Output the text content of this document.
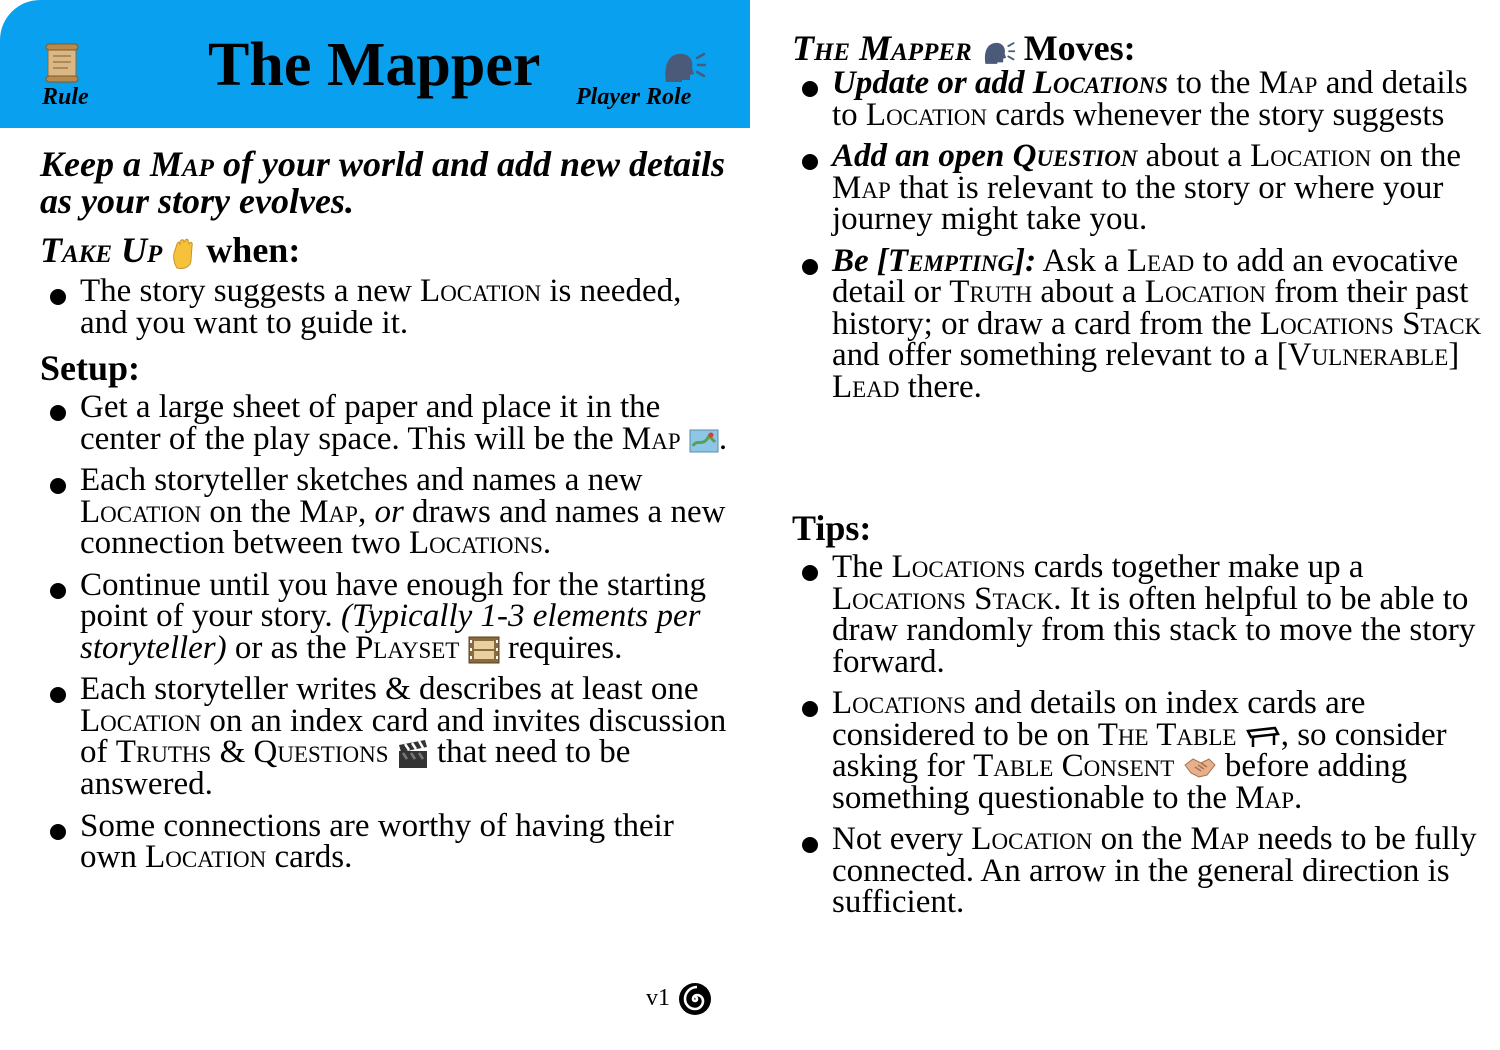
Rule The Mapper Player Role
Keep a Map of your world and add new details as your story evolves.
Take Up  when:
The story suggests a new Location is needed, and you want to guide it.
Setup:
Get a large sheet of paper and place it in the center of the play space. This will be the Map .
Each storyteller sketches and names a new Location on the Map, or draws and names a new connection between two Locations.
Continue until you have enough for the starting point of your story. (Typically 1-3 elements per storyteller) or as the Playset  requires.
Each storyteller writes & describes at least one Location on an index card and invites discussion of Truths & Questions  that need to be answered.
Some connections are worthy of having their own Location cards.
v1
The Mapper  Moves:
Update or add Locations to the Map and details to Location cards whenever the story suggests
Add an open Question about a Location on the Map that is relevant to the story or where your journey might take you.
Be [Tempting]: Ask a Lead to add an evocative detail or Truth about a Location from their past history; or draw a card from the Locations Stack and offer something relevant to a [Vulnerable] Lead there.
Tips:
The Locations cards together make up a Locations Stack. It is often helpful to be able to draw randomly from this stack to move the story forward.
Locations and details on index cards are considered to be on The Table , so consider asking for Table Consent  before adding something questionable to the Map.
Not every Location on the Map needs to be fully connected. An arrow in the general direction is sufficient.
